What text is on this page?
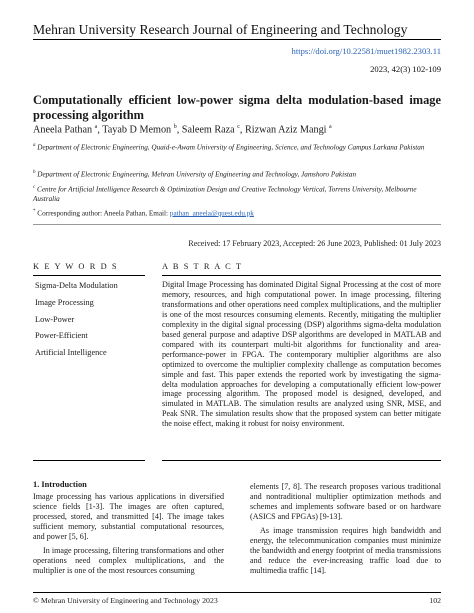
Mehran University Research Journal of Engineering and Technology
https://doi.org/10.22581/muet1982.2303.11
2023, 42(3) 102-109
Computationally efficient low-power sigma delta modulation-based image processing algorithm
Aneela Pathan $^a$, Tayab D Memon $^b$, Saleem Raza $^c$, Rizwan Aziz Mangi $^a$
$^a$ Department of Electronic Engineering, Quaid-e-Awam University of Engineering, Science, and Technology Campus Larkana Pakistan
$^b$ Department of Electronic Engineering, Mehran University of Engineering and Technology, Jamshoro Pakistan
$^c$ Centre for Artificial Intelligence Research & Optimization Design and Creative Technology Vertical, Torrens University, Melbourne Australia
* Corresponding author: Aneela Pathan, Email: pathan_aneela@quest.edu.pk
Received: 17 February 2023, Accepted: 26 June 2023, Published: 01 July 2023
K E Y W O R D S
Sigma-Delta Modulation
Image Processing
Low-Power
Power-Efficient
Artificial Intelligence
A B S T R A C T

Digital Image Processing has dominated Digital Signal Processing at the cost of more memory, resources, and high computational power. In image processing, filtering transformations and other operations need complex multiplications, and the multiplier is one of the most resources consuming elements. Recently, mitigating the multiplier complexity in the digital signal processing (DSP) algorithms sigma-delta modulation based general purpose and adaptive DSP algorithms are developed in MATLAB and compared with its counterpart multi-bit algorithms for functionality and area-performance-power in FPGA. The contemporary multiplier algorithms are also optimized to overcome the multiplier complexity challenge as computation becomes simple and fast. This paper extends the reported work by investigating the sigma-delta modulation approaches for developing a computationally efficient low-power image processing algorithm. The proposed model is designed, developed, and simulated in MATLAB. The simulation results are analyzed using SNR, MSE, and Peak SNR. The simulation results show that the proposed system can better mitigate the noise effect, making it robust for noisy environment.

1. Introduction

Image processing has various applications in diversified science fields [1-3]. The images are often captured, processed, stored, and transmitted [4]. The image takes sufficient memory, substantial computational resources, and power [5, 6].

In image processing, filtering transformations and other operations need complex multiplications, and the multiplier is one of the most resources consuming

elements [7, 8]. The research proposes various traditional and nontraditional multiplier optimization methods and schemes and implements software based or on hardware (ASICS and FPGAs) [9-13].

As image transmission requires high bandwidth and energy, the telecommunication companies must minimize the bandwidth and energy footprint of media transmissions and reduce the ever-increasing traffic load due to multimedia traffic [14].

© Mehran University of Engineering and Technology 2023	102
